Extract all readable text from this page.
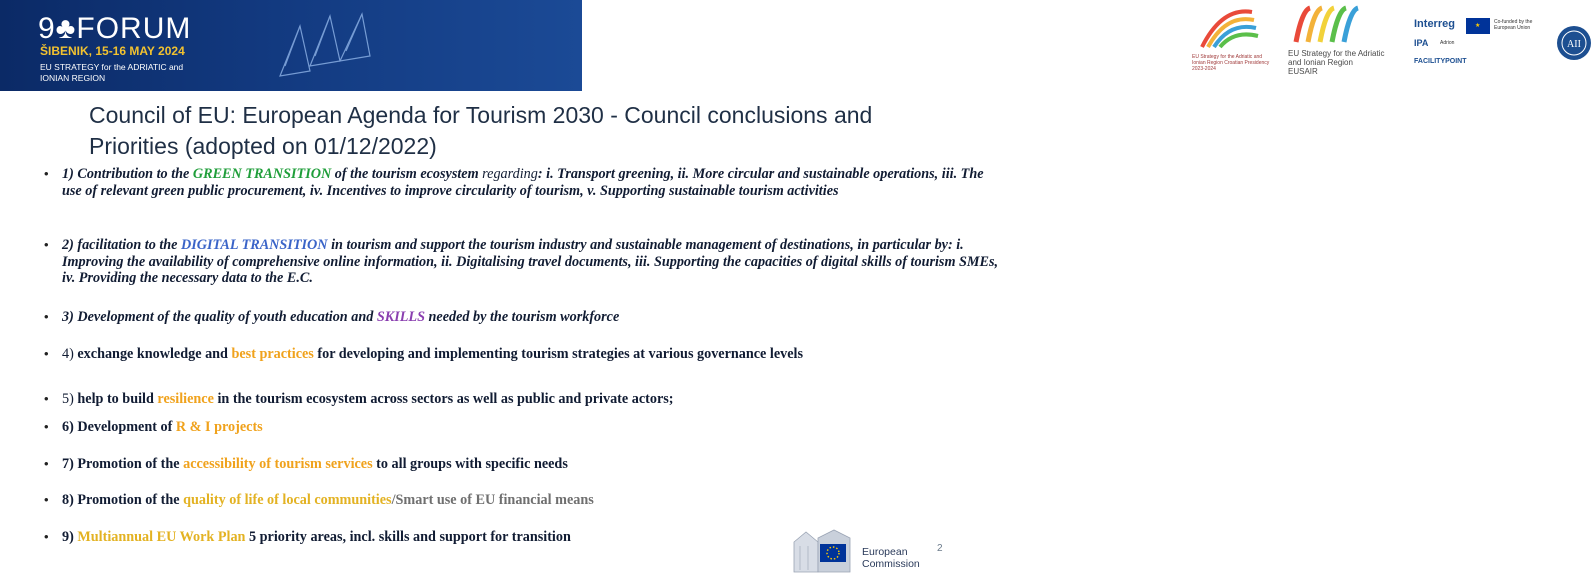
9♣FORUM
ŠIBENIK, 15-16 MAY 2024
EU STRATEGY for the ADRIATIC and IONIAN REGION
EU Strategy for the Adriatic and Ionian Region Croatian Presidency 2023-2024
EU Strategy for the Adriatic and Ionian Region
EUSAIR
Interreg	★
Co-funded by the European Union
IPA Adrion
FACILITYPOINT
AII
Council of EU: European Agenda for Tourism 2030 - Council conclusions and Priorities (adopted on 01/12/2022)
• 1) Contribution to the GREEN TRANSITION of the tourism ecosystem regarding: i. Transport greening, ii. More circular and sustainable operations, iii. The use of relevant green public procurement, iv. Incentives to improve circularity of tourism, v. Supporting sustainable tourism activities
• 2) facilitation to the DIGITAL TRANSITION in tourism and support the tourism industry and sustainable management of destinations, in particular by: i. Improving the availability of comprehensive online information, ii. Digitalising travel documents, iii. Supporting the capacities of digital skills of tourism SMEs, iv. Providing the necessary data to the E.C.
• 3) Development of the quality of youth education and SKILLS needed by the tourism workforce
• 4) exchange knowledge and best practices for developing and implementing tourism strategies at various governance levels
• 5) help to build resilience in the tourism ecosystem across sectors as well as public and private actors;
• 6) Development of R & I projects
• 7) Promotion of the accessibility of tourism services to all groups with specific needs
• 8) Promotion of the quality of life of local communities/Smart use of EU financial means
• 9) Multiannual EU Work Plan 5 priority areas, incl. skills and support for transition
European
Commission
2
